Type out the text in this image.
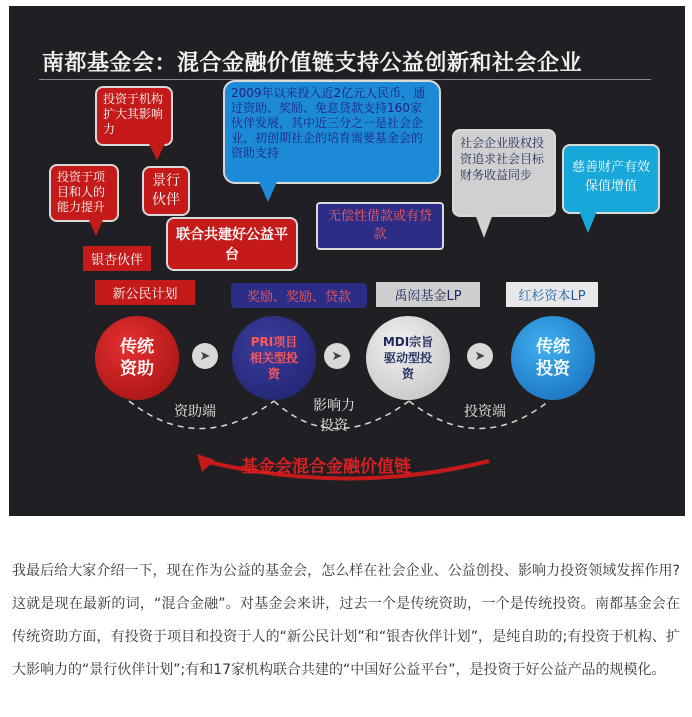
南都基金会：混合金融价值链支持公益创新和社会企业
投资于机构扩大其影响力
景行伙伴
投资于项目和人的能力提升
银杏伙伴
联合共建好公益平台
新公民计划
2009年以来投入近2亿元人民币，通过资助、奖励、免息贷款支持160家伙伴发展，其中近三分之一是社会企业，初创期社企的培育需要基金会的资助支持
无偿性借款或有贷款
奖励、奖励、贷款
社会企业股权投资追求社会目标财务收益同步
禹闳基金LP
慈善财产有效保值增值
红杉资本LP
传统资助
PRI项目相关型投资
MDI宗旨驱动型投资
传统投资
➤	➤	➤
资助端	影响力投资
投资端
基金会混合金融价值链
我最后给大家介绍一下，现在作为公益的基金会，怎么样在社会企业、公益创投、影响力投资领域发挥作用?这就是现在最新的词，“混合金融”。对基金会来讲，过去一个是传统资助，一个是传统投资。南都基金会在传统资助方面，有投资于项目和投资于人的“新公民计划”和“银杏伙伴计划”，是纯自助的;有投资于机构、扩大影响力的“景行伙伴计划”;有和17家机构联合共建的“中国好公益平台”，是投资于好公益产品的规模化。
